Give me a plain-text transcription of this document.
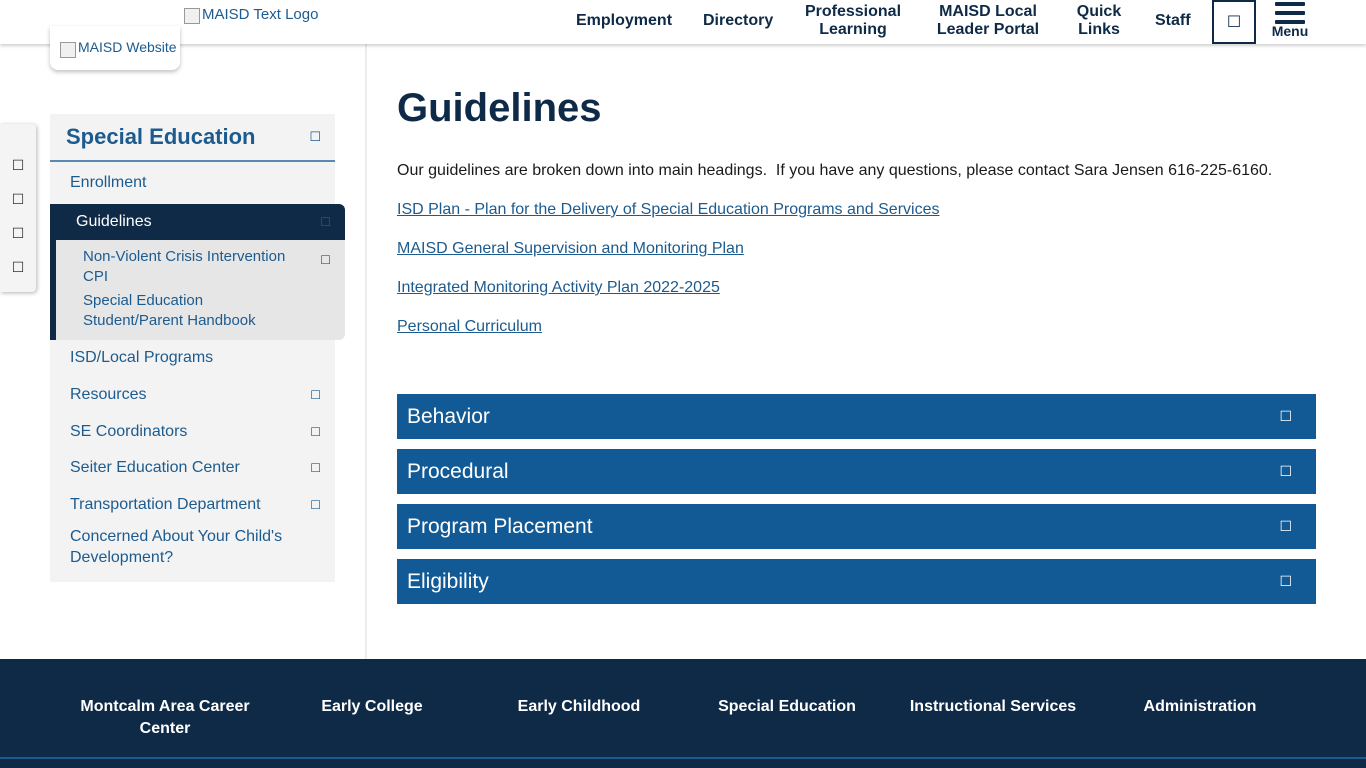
MAISD Text Logo	Employment Directory
Professional Learning
MAISD Local Leader Portal
Quick Links
Staff ☐ Menu
MAISD Website
☐
☐
☐
☐
Special Education	☐
Enrollment
Guidelines	☐
Non-Violent Crisis Intervention CPI
☐
Special Education Student/Parent Handbook
ISD/Local Programs
Resources	☐
SE Coordinators	☐
Seiter Education Center	☐
Transportation Department	☐
Concerned About Your Child's Development?
Guidelines

Our guidelines are broken down into main headings.  If you have any questions, please contact Sara Jensen 616-225-6160.

ISD Plan - Plan for the Delivery of Special Education Programs and Services
MAISD General Supervision and Monitoring Plan
Integrated Monitoring Activity Plan 2022-2025
Personal Curriculum
Behavior	☐
Procedural	☐
Program Placement	☐
Eligibility	☐
Montcalm Area Career Center
Early College	Early Childhood	Special Education	Instructional Services	Administration
